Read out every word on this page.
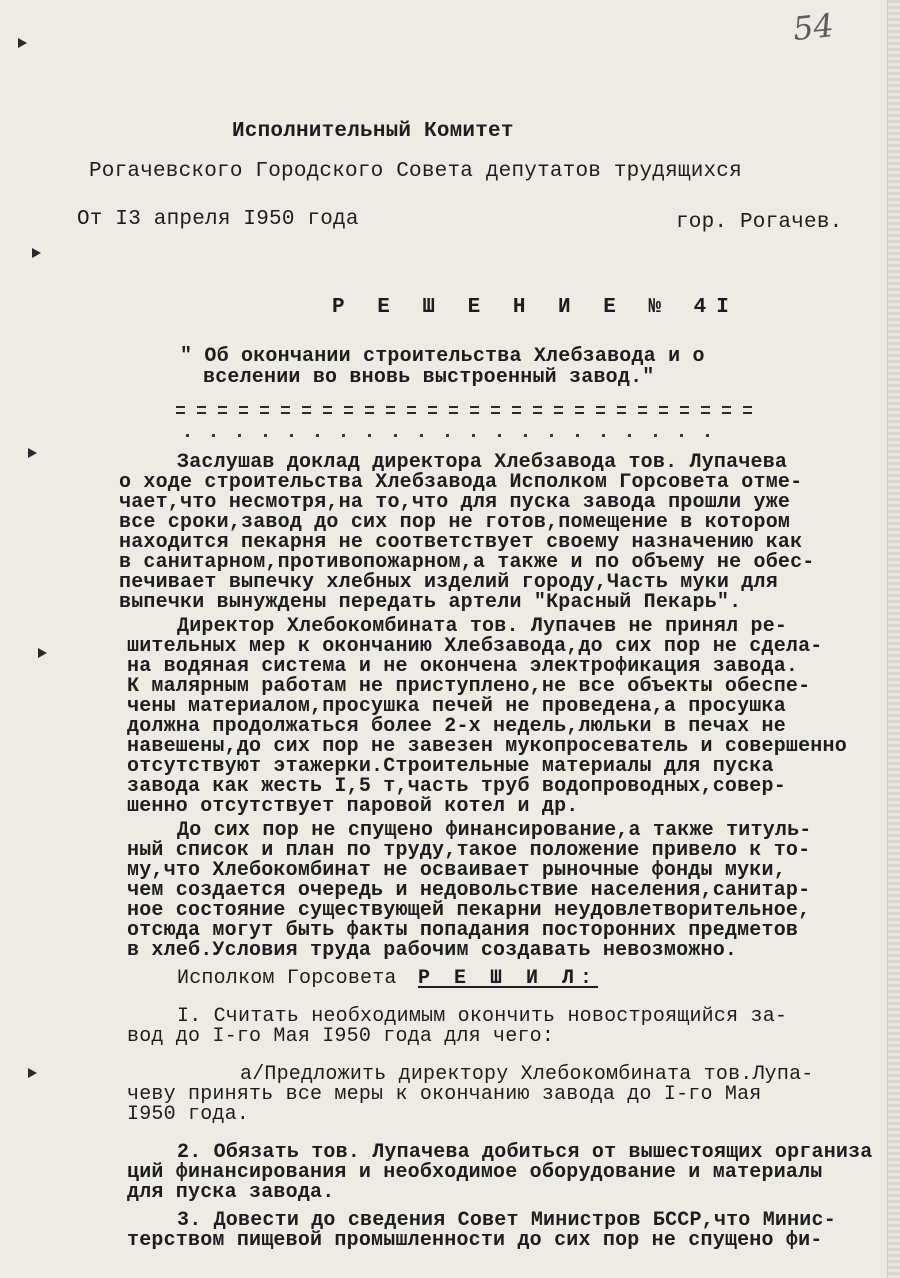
54
Исполнительный Комитет
Рогачевского Городского Совета депутатов трудящихся
От I3 апреля I950 года	гор. Рогачев.
Р Е Ш Е Н И Е № 4I
" Об окончании строительства Хлебзавода и о
вселении во вновь выстроенный завод."
Заслушав доклад директора Хлебзавода тов. Лупачева
о ходе строительства Хлебзавода Исполком Горсовета отме-
чает,что несмотря,на то,что для пуска завода прошли уже
все сроки,завод до сих пор не готов,помещение в котором
находится пекарня не соответствует своему назначению как
в санитарном,противопожарном,а также и по объему не обес-
печивает выпечку хлебных изделий городу,Часть муки для
выпечки вынуждены передать артели "Красный Пекарь".
Директор Хлебокомбината тов. Лупачев не принял ре-
шительных мер к окончанию Хлебзавода,до сих пор не сдела-
на водяная система и не окончена электрофикация завода.
К малярным работам не приступлено,не все объекты обеспе-
чены материалом,просушка печей не проведена,а просушка
должна продолжаться более 2-х недель,люльки в печах не
навешены,до сих пор не завезен мукопросеватель и совершенно
отсутствуют этажерки.Строительные материалы для пуска
завода как жесть I,5 т,часть труб водопроводных,совер-
шенно отсутствует паровой котел и др.
До сих пор не спущено финансирование,а также титуль-
ный список и план по труду,такое положение привело к то-
му,что Хлебокомбинат не осваивает рыночные фонды муки,
чем создается очередь и недовольствие населения,санитар-
ное состояние существующей пекарни неудовлетворительное,
отсюда могут быть факты попадания посторонних предметов
в хлеб.Условия труда рабочим создавать невозможно.
Исполком Горсовета Р Е Ш И Л:
I. Считать необходимым окончить новостроящийся за-
вод до I-го Мая I950 года для чего:
а/Предложить директору Хлебокомбината тов.Лупа-
чеву принять все меры к окончанию завода до I-го Мая
I950 года.
2. Обязать тов. Лупачева добиться от вышестоящих организа
ций финансирования и необходимое оборудование и материалы
для пуска завода.
3. Довести до сведения Совет Министров БССР,что Минис-
терством пищевой промышленности до сих пор не спущено фи-
